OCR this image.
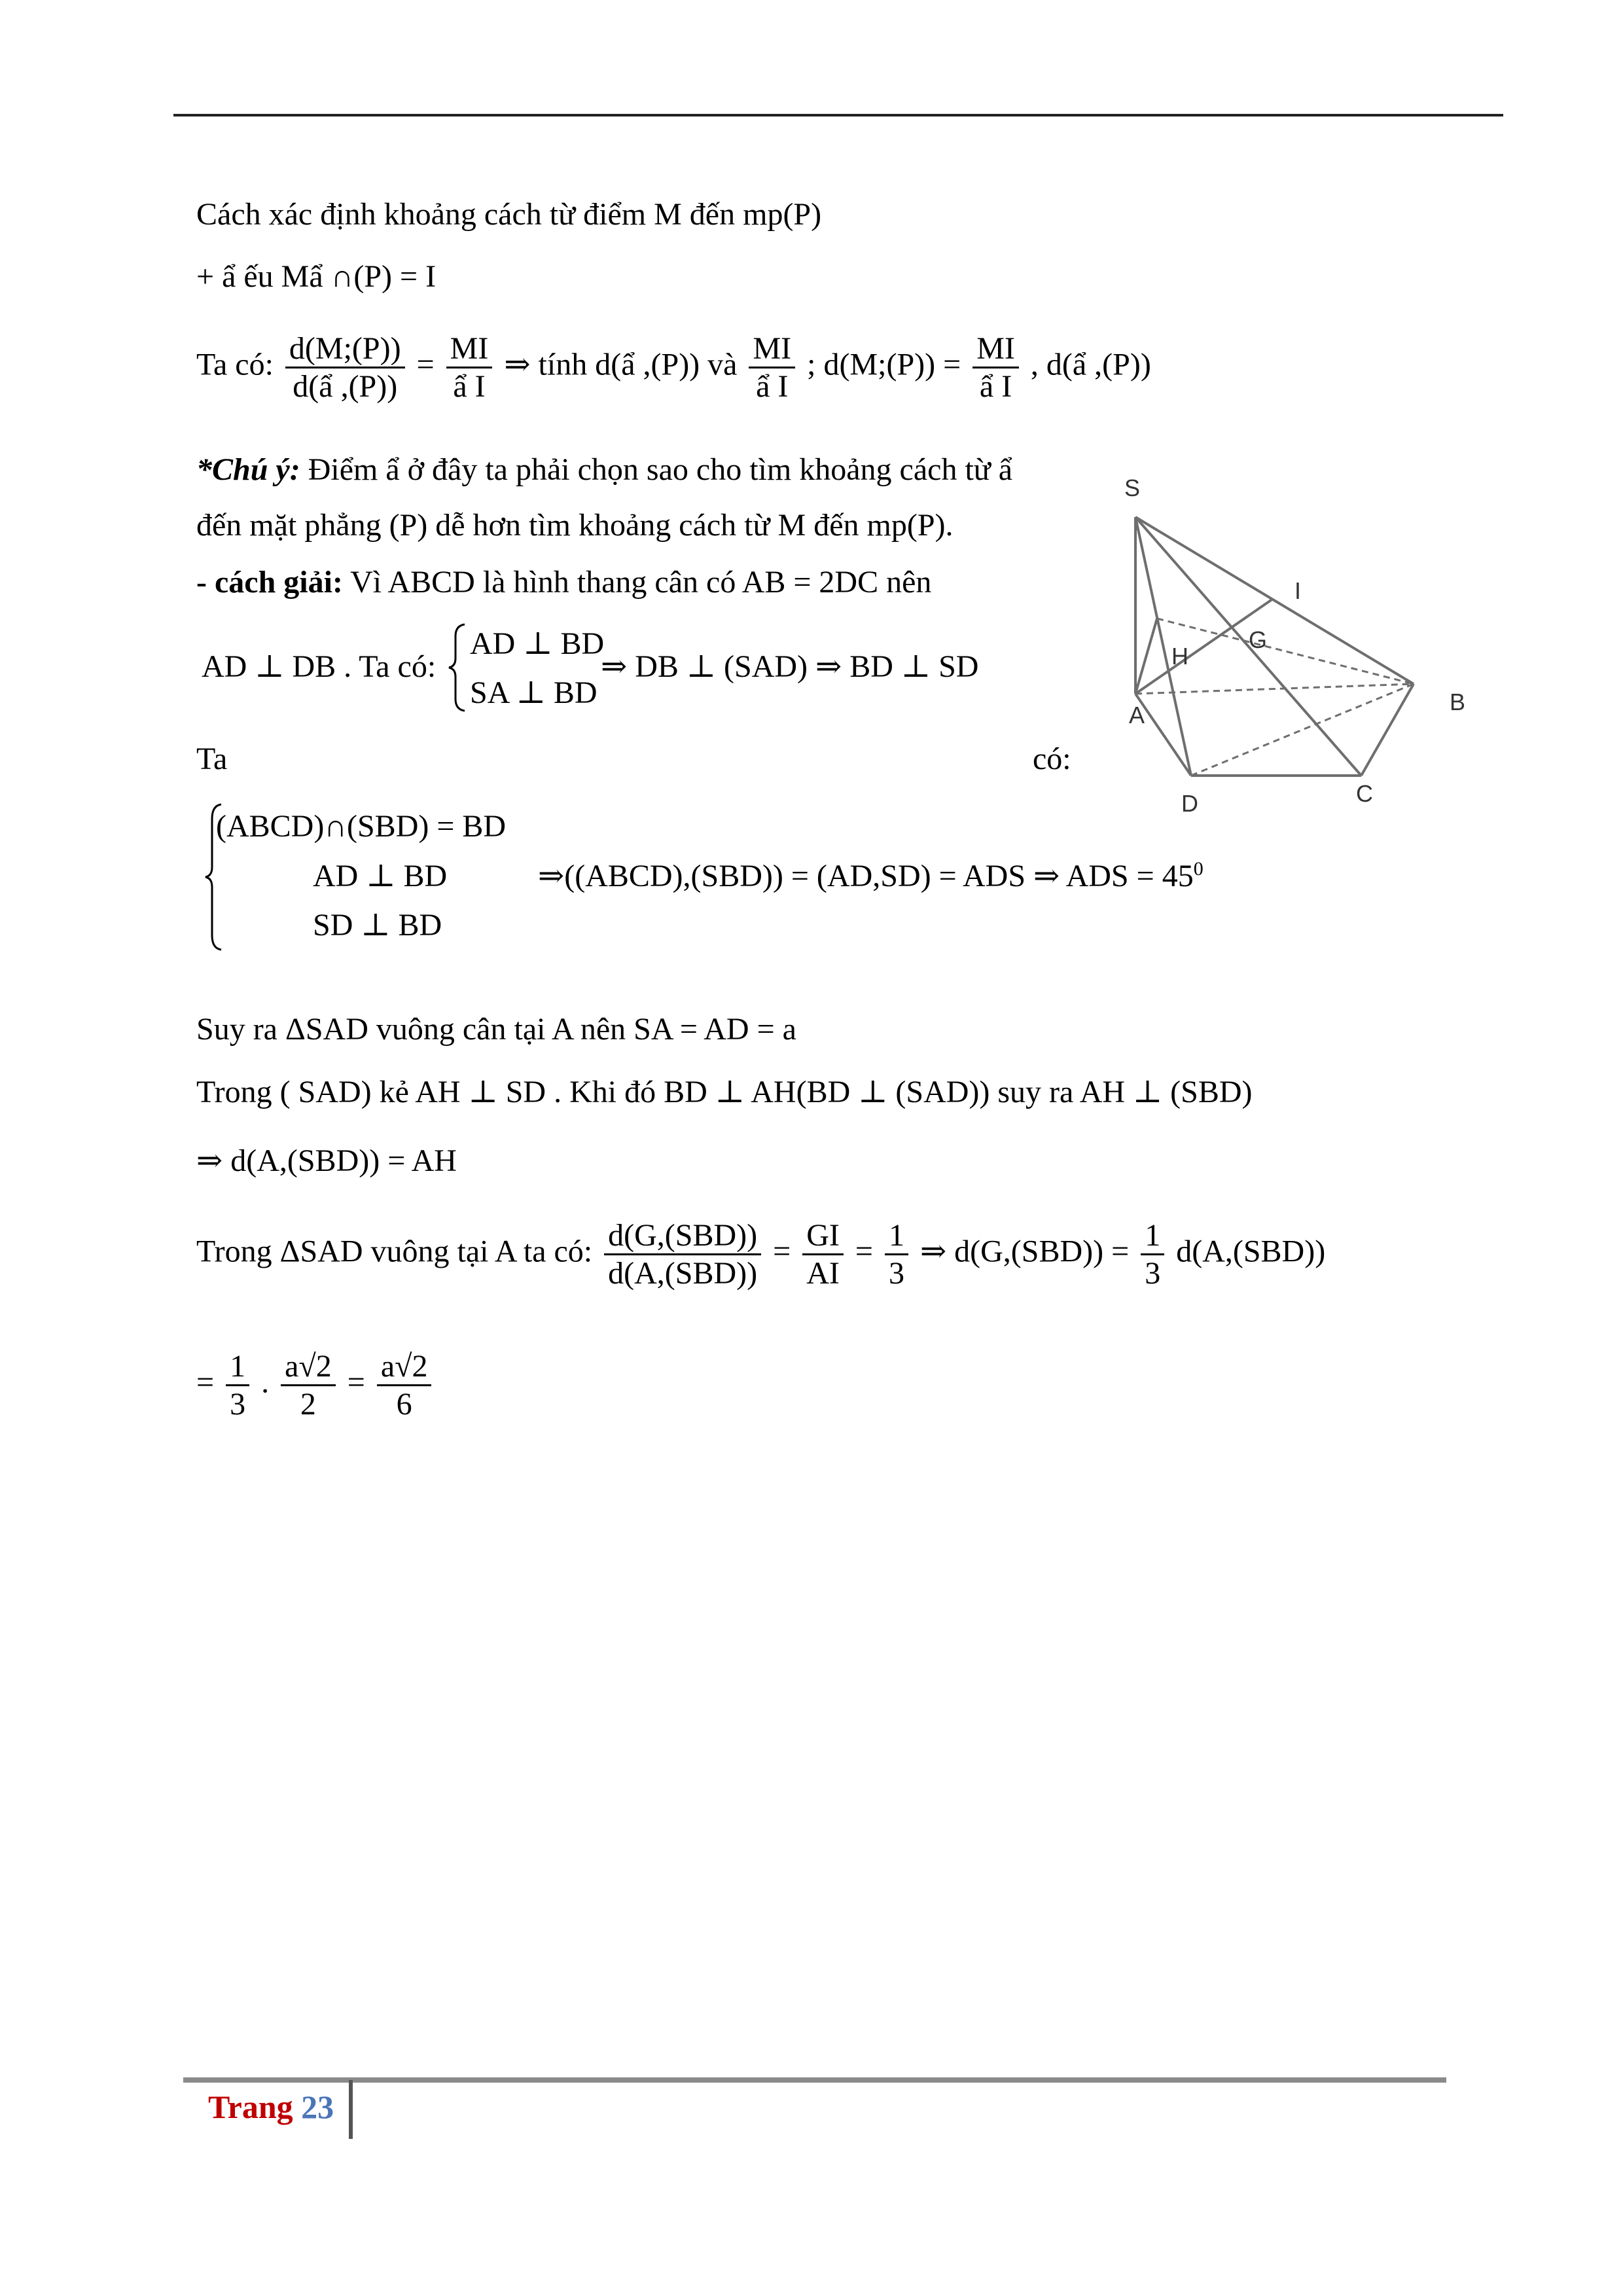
Cách xác định khoảng cách từ điểm M đến mp(P)
+ ẩ ếu Mẩ ∩(P) = I
Ta có: $\frac{d(M;(P))}{\text{d(ẩ ,(P))}} = \frac{MI}{\text{ẩ I}}$ ⇒ tính d(ẩ ,(P)) và $\frac{MI}{\text{ẩ I}}$ ; d(M;(P)) = $\frac{MI}{\text{ẩ I}}$ , d(ẩ ,(P))
*Chú ý: Điểm ẩ ở đây ta phải chọn sao cho tìm khoảng cách từ ẩ
đến mặt phẳng (P) dễ hơn tìm khoảng cách từ M đến mp(P).
- cách giải: Vì ABCD là hình thang cân có AB = 2DC nên
AD ⊥ DB . Ta có:
AD ⊥ BD
SA ⊥ BD
⇒ DB ⊥ (SAD) ⇒ BD ⊥ SD
Ta	có:
(ABCD)∩(SBD) = BD
AD ⊥ BD
SD ⊥ BD
⇒((ABCD),(SBD)) = (AD,SD) = ADS ⇒ ADS = $45^0$
Suy ra ΔSAD vuông cân tại A nên SA = AD = a
Trong ( SAD) kẻ AH ⊥ SD . Khi đó BD ⊥ AH(BD ⊥ (SAD)) suy ra AH ⊥ (SBD)
⇒ d(A,(SBD)) = AH
Trong ΔSAD vuông tại A ta có: $\frac{\text{d(G,(SBD))}}{\text{d(A,(SBD))}} = \frac{GI}{AI} = \frac{1}{3}$ ⇒ $d(G,(SBD)) = \frac{1}{3} d(A,(SBD))$
= $\frac{1}{3}$ . $\frac{a√2}{2} = \frac{a√2}{6}$
S
I
G
H
A	B
D	C
Trang 23
